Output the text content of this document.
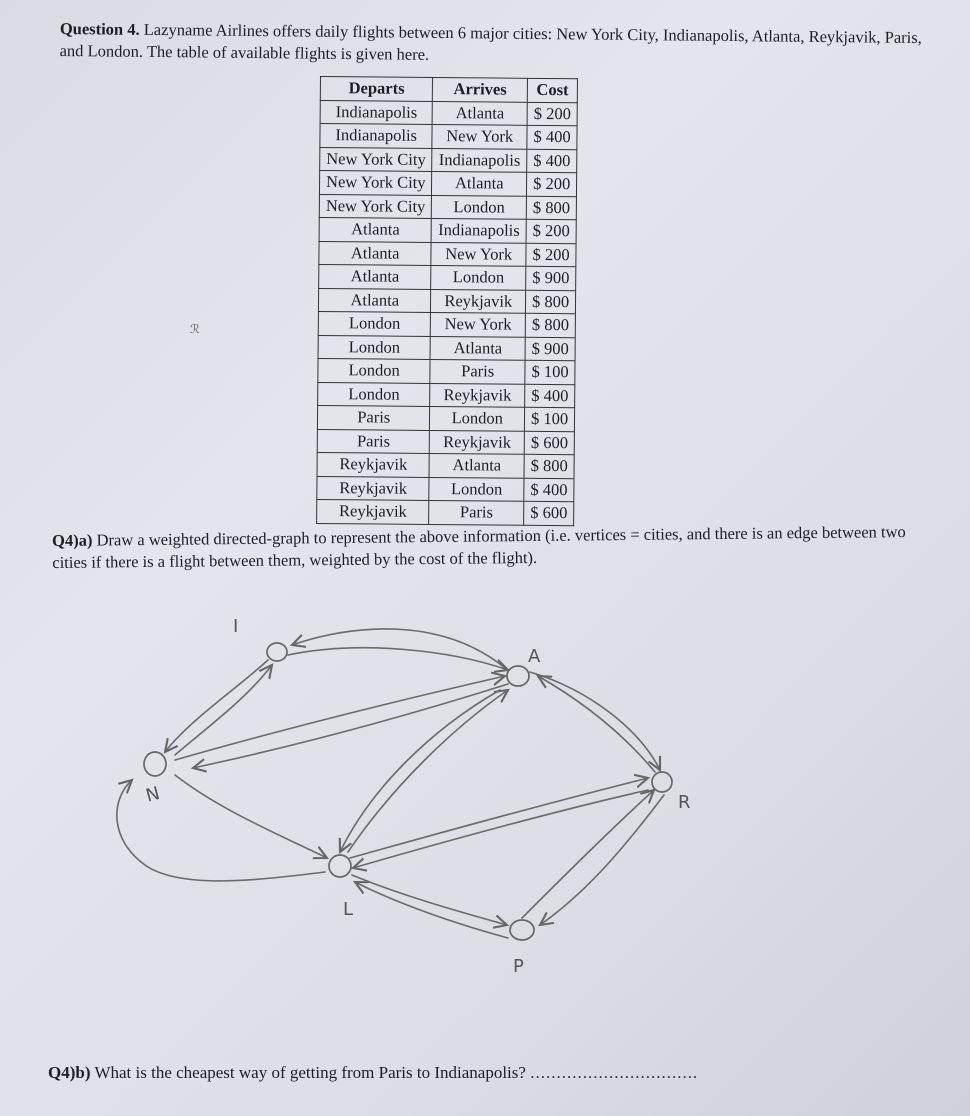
Question 4. Lazyname Airlines offers daily flights between 6 major cities: New York City, Indianapolis, Atlanta, Reykjavik, Paris, and London. The table of available flights is given here.
Departs	Arrives	Cost
Indianapolis	Atlanta	$ 200
Indianapolis	New York	$ 400
New York City	Indianapolis	$ 400
New York City	Atlanta	$ 200
New York City	London	$ 800
Atlanta	Indianapolis	$ 200
Atlanta	New York	$ 200
Atlanta	London	$ 900
Atlanta	Reykjavik	$ 800
London	New York	$ 800
London	Atlanta	$ 900
London	Paris	$ 100
London	Reykjavik	$ 400
Paris	London	$ 100
Paris	Reykjavik	$ 600
Reykjavik	Atlanta	$ 800
Reykjavik	London	$ 400
Reykjavik	Paris	$ 600
ℛ
Q4)a) Draw a weighted directed-graph to represent the above information (i.e. vertices = cities, and there is an edge between two cities if there is a flight between them, weighted by the cost of the flight).
I
A
N	R
L
P
Q4)b) What is the cheapest way of getting from Paris to Indianapolis? ................................
